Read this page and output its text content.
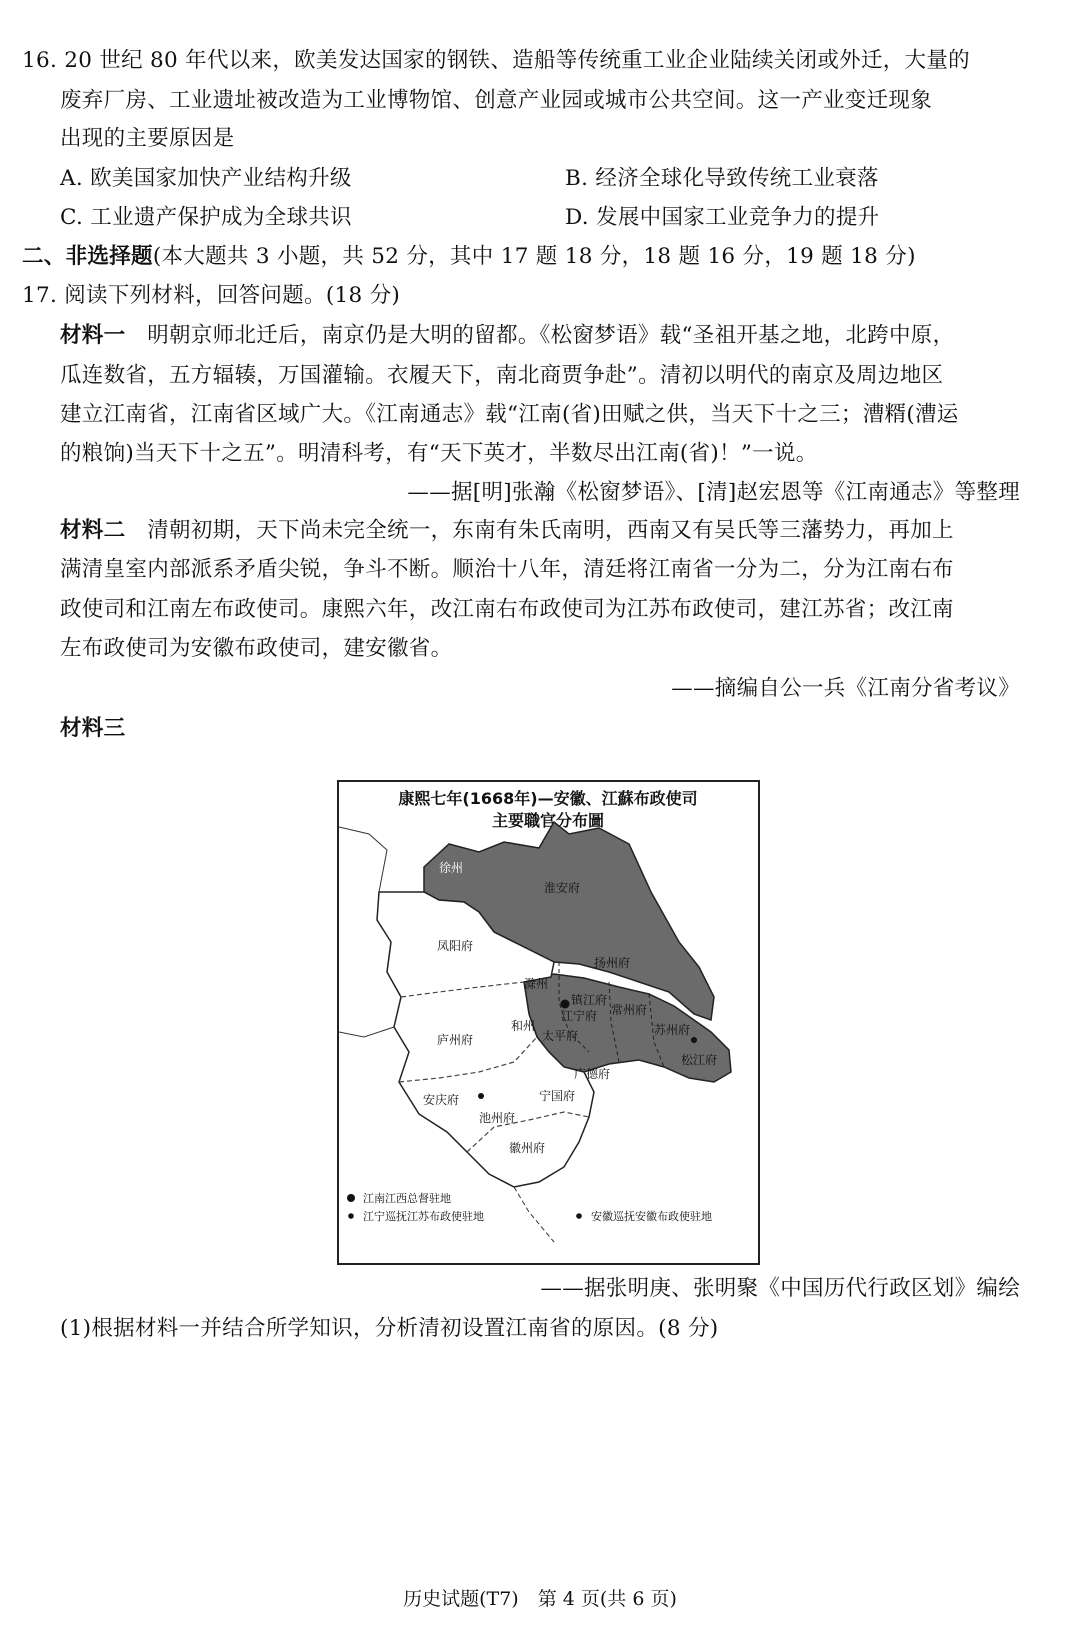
16. 20 世纪 80 年代以来，欧美发达国家的钢铁、造船等传统重工业企业陆续关闭或外迁，大量的
废弃厂房、工业遗址被改造为工业博物馆、创意产业园或城市公共空间。这一产业变迁现象
出现的主要原因是
A. 欧美国家加快产业结构升级	B. 经济全球化导致传统工业衰落
C. 工业遗产保护成为全球共识	D. 发展中国家工业竞争力的提升
二、非选择题(本大题共 3 小题，共 52 分，其中 17 题 18 分，18 题 16 分，19 题 18 分)
17. 阅读下列材料，回答问题。(18 分)
材料一　 明朝京师北迁后，南京仍是大明的留都。《松窗梦语》载“圣祖开基之地，北跨中原，
瓜连数省，五方辐辏，万国灌输。衣履天下，南北商贾争赴”。清初以明代的南京及周边地区
建立江南省，江南省区域广大。《江南通志》载“江南(省)田赋之供，当天下十之三；漕糈(漕运
的粮饷)当天下十之五”。明清科考，有“天下英才，半数尽出江南(省)！”一说。
——据[明]张瀚《松窗梦语》、[清]赵宏恩等《江南通志》等整理
材料二　 清朝初期，天下尚未完全统一，东南有朱氏南明，西南又有吴氏等三藩势力，再加上
满清皇室内部派系矛盾尖锐，争斗不断。顺治十八年，清廷将江南省一分为二，分为江南右布
政使司和江南左布政使司。康熙六年，改江南右布政使司为江苏布政使司，建江苏省；改江南
左布政使司为安徽布政使司，建安徽省。
——摘编自公一兵《江南分省考议》
材料三
康熙七年(1668年)—安徽、江蘇布政使司
主要職官分布圖
徐州
淮安府
凤阳府
扬州府
滁州
镇江府
江宁府 常州府
和州
太平府	苏州府
松江府
庐州府
广德府
安庆府	宁国府
池州府
徽州府
江南江西总督驻地
江宁巡抚江苏布政使驻地	安徽巡抚安徽布政使驻地
——据张明庚、张明聚《中国历代行政区划》编绘
(1)根据材料一并结合所学知识，分析清初设置江南省的原因。(8 分)
历史试题(T7)　第 4 页(共 6 页)
